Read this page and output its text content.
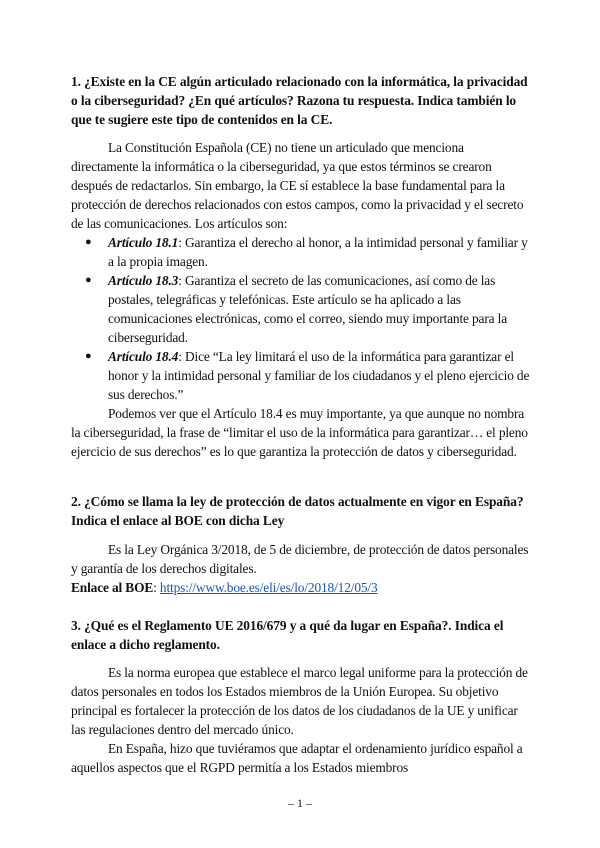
1. ¿Existe en la CE algún articulado relacionado con la informática, la privacidad o la ciberseguridad? ¿En qué artículos? Razona tu respuesta. Indica también lo que te sugiere este tipo de contenidos en la CE.
La Constitución Española (CE) no tiene un articulado que menciona directamente la informática o la ciberseguridad, ya que estos términos se crearon después de redactarlos. Sin embargo, la CE sí establece la base fundamental para la protección de derechos relacionados con estos campos, como la privacidad y el secreto de las comunicaciones. Los artículos son:
● Artículo 18.1: Garantiza el derecho al honor, a la intimidad personal y familiar y a la propia imagen.
● Artículo 18.3: Garantiza el secreto de las comunicaciones, así como de las postales, telegráficas y telefónicas. Este artículo se ha aplicado a las comunicaciones electrónicas, como el correo, siendo muy importante para la ciberseguridad.
● Artículo 18.4: Dice “La ley limitará el uso de la informática para garantizar el honor y la intimidad personal y familiar de los ciudadanos y el pleno ejercicio de sus derechos.”
Podemos ver que el Artículo 18.4 es muy importante, ya que aunque no nombra la ciberseguridad, la frase de “limitar el uso de la informática para garantizar… el pleno ejercicio de sus derechos” es lo que garantiza la protección de datos y ciberseguridad.
2. ¿Cómo se llama la ley de protección de datos actualmente en vigor en España? Indica el enlace al BOE con dicha Ley
Es la Ley Orgánica 3/2018, de 5 de diciembre, de protección de datos personales y garantía de los derechos digitales.
Enlace al BOE: https://www.boe.es/eli/es/lo/2018/12/05/3
3. ¿Qué es el Reglamento UE 2016/679 y a qué da lugar en España?. Indica el enlace a dicho reglamento.
Es la norma europea que establece el marco legal uniforme para la protección de datos personales en todos los Estados miembros de la Unión Europea. Su objetivo principal es fortalecer la protección de los datos de los ciudadanos de la UE y unificar las regulaciones dentro del mercado único.
En España, hizo que tuviéramos que adaptar el ordenamiento jurídico español a aquellos aspectos que el RGPD permitía a los Estados miembros
– 1 –
